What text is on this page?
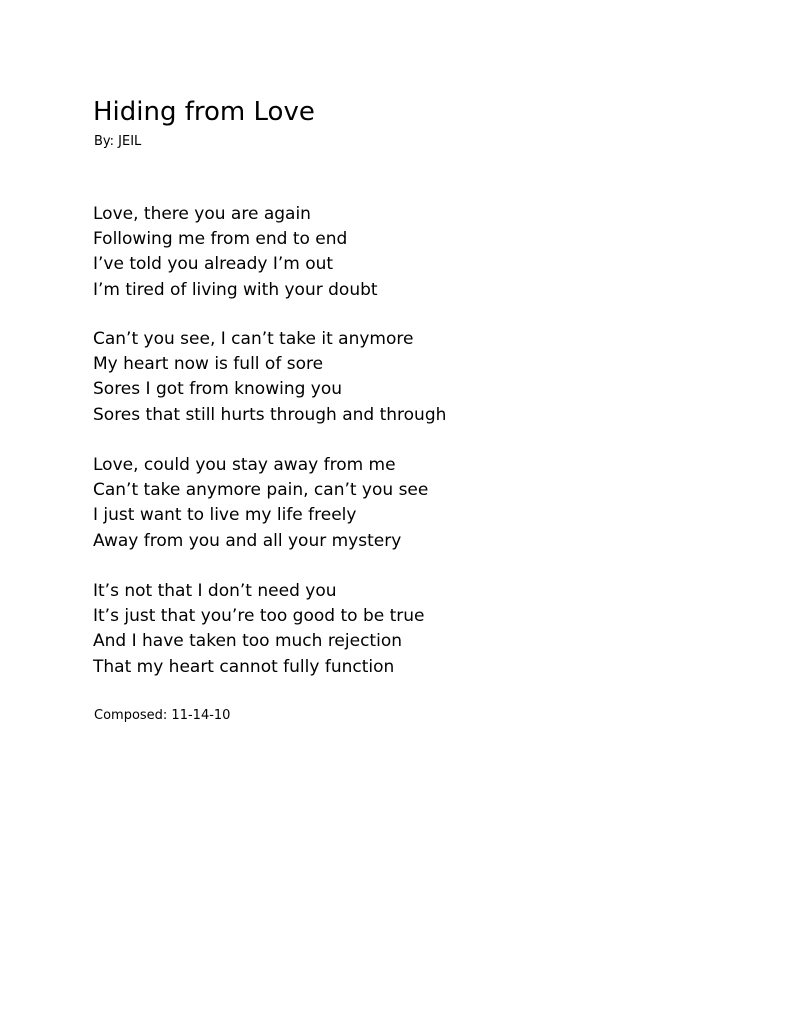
Hiding from Love
By: JEIL
Love, there you are again
Following me from end to end
I’ve told you already I’m out
I’m tired of living with your doubt
Can’t you see, I can’t take it anymore
My heart now is full of sore
Sores I got from knowing you
Sores that still hurts through and through
Love, could you stay away from me
Can’t take anymore pain, can’t you see
I just want to live my life freely
Away from you and all your mystery
It’s not that I don’t need you
It’s just that you’re too good to be true
And I have taken too much rejection
That my heart cannot fully function
Composed: 11-14-10
